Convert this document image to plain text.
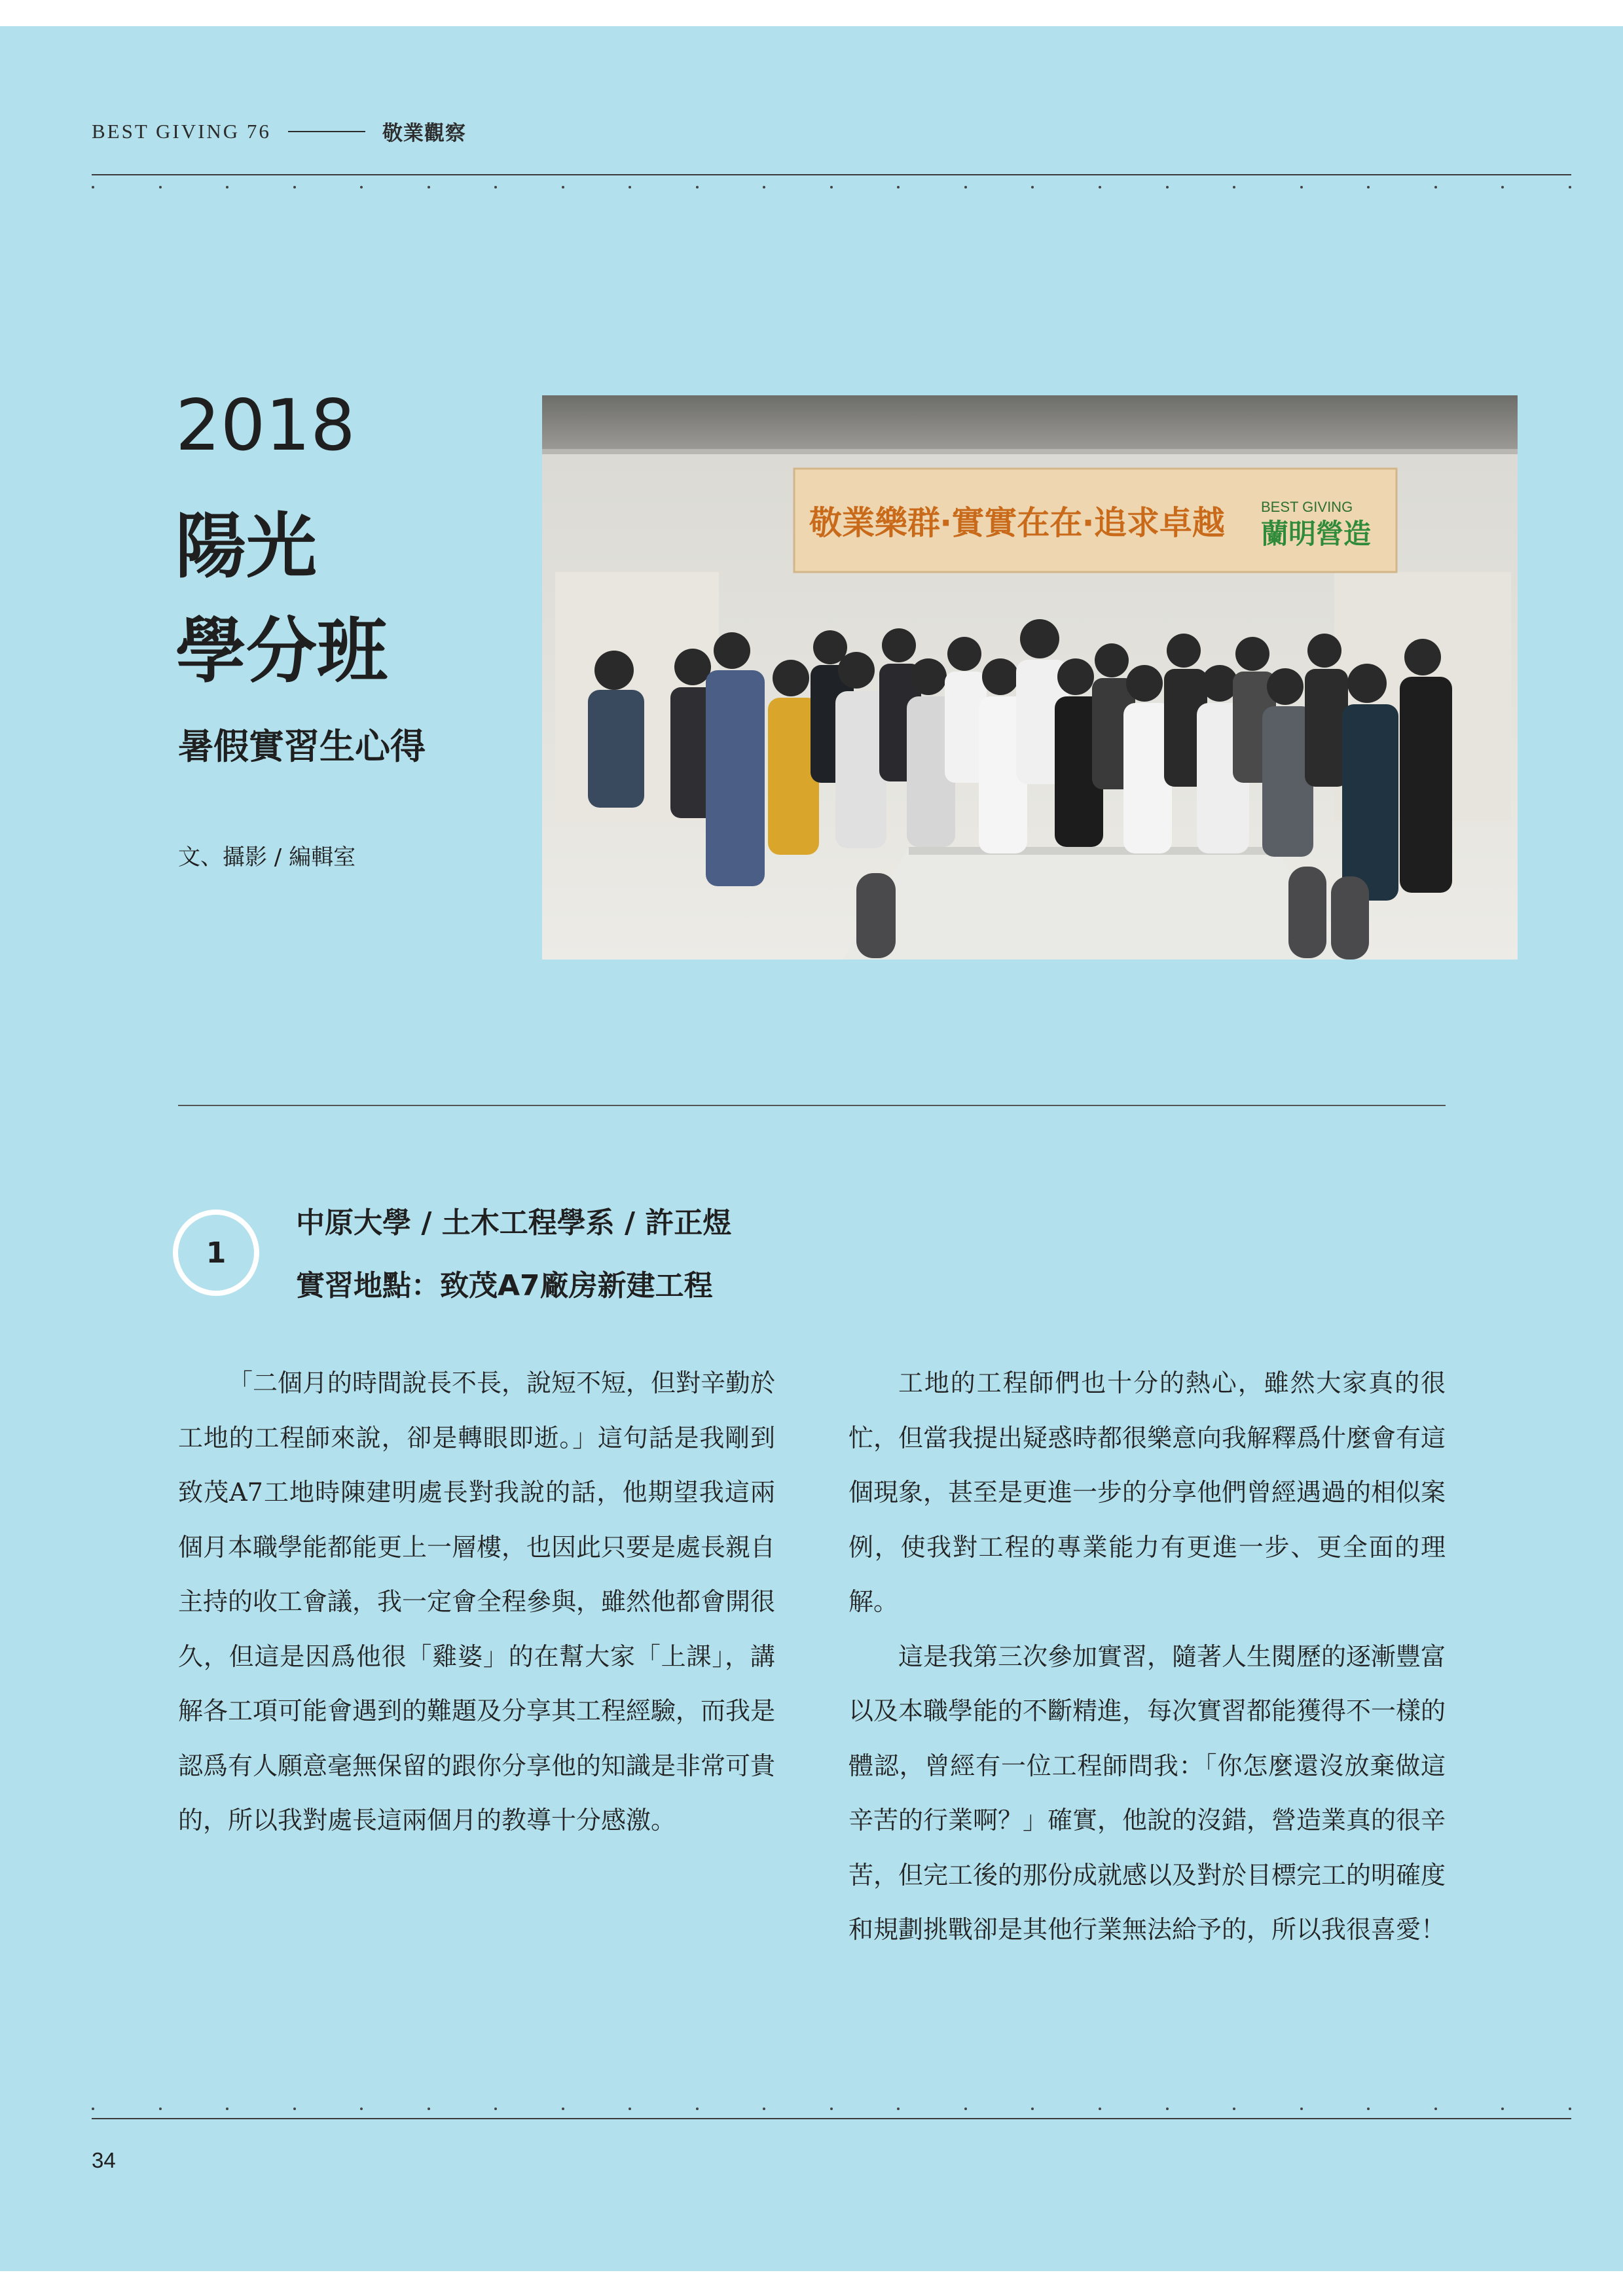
BEST GIVING 76	敬業觀察
2018
陽光
學分班
暑假實習生心得
文、攝影 / 編輯室
敬業樂群‧實實在在‧追求卓越	BEST GIVING
蘭明營造
1
中原大學 / 土木工程學系 / 許正煜
實習地點：致茂A7廠房新建工程

「二個月的時間說長不長，說短不短，但對辛勤於工地的工程師來說，卻是轉眼即逝。」這句話是我剛到致茂A7工地時陳建明處長對我說的話，他期望我這兩個月本職學能都能更上一層樓，也因此只要是處長親自主持的收工會議，我一定會全程參與，雖然他都會開很久，但這是因爲他很「雞婆」的在幫大家「上課」，講解各工項可能會遇到的難題及分享其工程經驗，而我是認爲有人願意毫無保留的跟你分享他的知識是非常可貴的，所以我對處長這兩個月的教導十分感激。

工地的工程師們也十分的熱心，雖然大家真的很忙，但當我提出疑惑時都很樂意向我解釋爲什麼會有這個現象，甚至是更進一步的分享他們曾經遇過的相似案例，使我對工程的專業能力有更進一步、更全面的理解。

這是我第三次參加實習，隨著人生閱歷的逐漸豐富以及本職學能的不斷精進，每次實習都能獲得不一樣的體認，曾經有一位工程師問我：「你怎麼還沒放棄做這辛苦的行業啊？」確實，他說的沒錯，營造業真的很辛苦，但完工後的那份成就感以及對於目標完工的明確度和規劃挑戰卻是其他行業無法給予的，所以我很喜愛！

34
